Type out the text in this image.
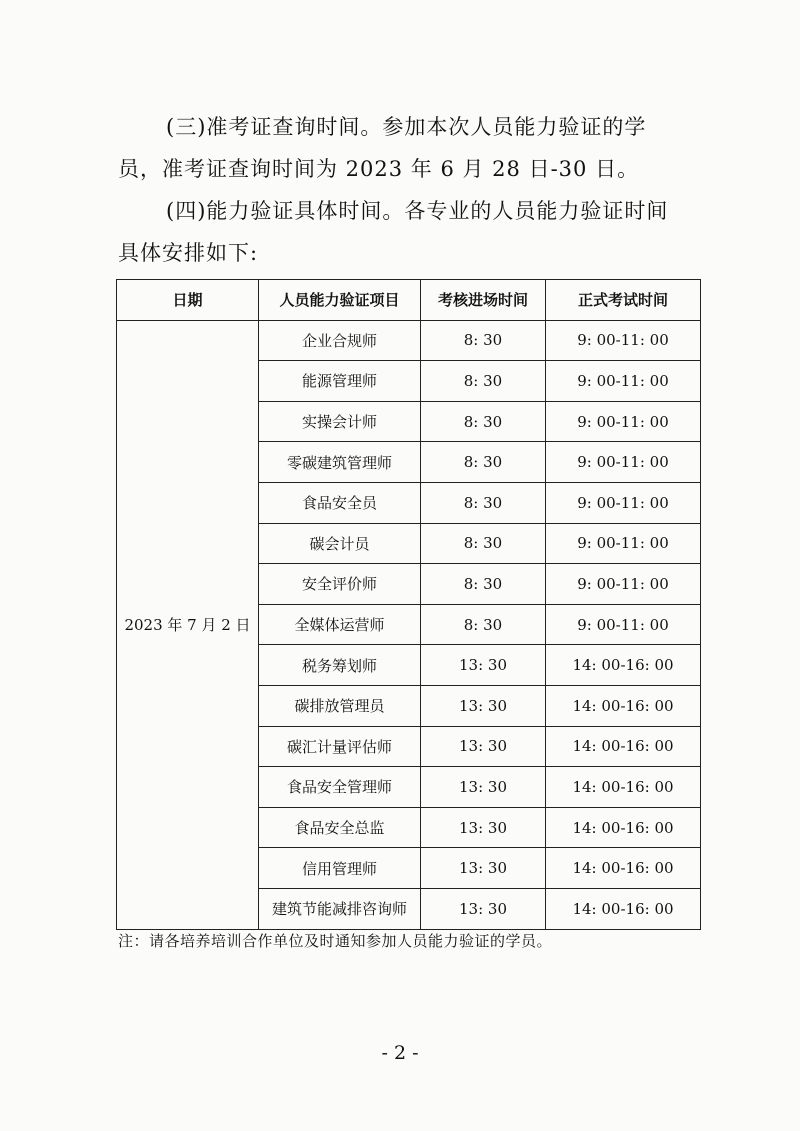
(三)准考证查询时间。参加本次人员能力验证的学员，准考证查询时间为 2023 年 6 月 28 日-30 日。

(四)能力验证具体时间。各专业的人员能力验证时间具体安排如下:

日期	人员能力验证项目	考核进场时间	正式考试时间
2023 年 7 月 2 日	企业合规师	8: 30	9: 00-11: 00
	能源管理师	8: 30	9: 00-11: 00
	实操会计师	8: 30	9: 00-11: 00
	零碳建筑管理师	8: 30	9: 00-11: 00
	食品安全员	8: 30	9: 00-11: 00
	碳会计员	8: 30	9: 00-11: 00
	安全评价师	8: 30	9: 00-11: 00
	全媒体运营师	8: 30	9: 00-11: 00
	税务筹划师	13: 30	14: 00-16: 00
	碳排放管理员	13: 30	14: 00-16: 00
	碳汇计量评估师	13: 30	14: 00-16: 00
	食品安全管理师	13: 30	14: 00-16: 00
	食品安全总监	13: 30	14: 00-16: 00
	信用管理师	13: 30	14: 00-16: 00
	建筑节能减排咨询师	13: 30	14: 00-16: 00

注：请各培养培训合作单位及时通知参加人员能力验证的学员。

- 2 -
